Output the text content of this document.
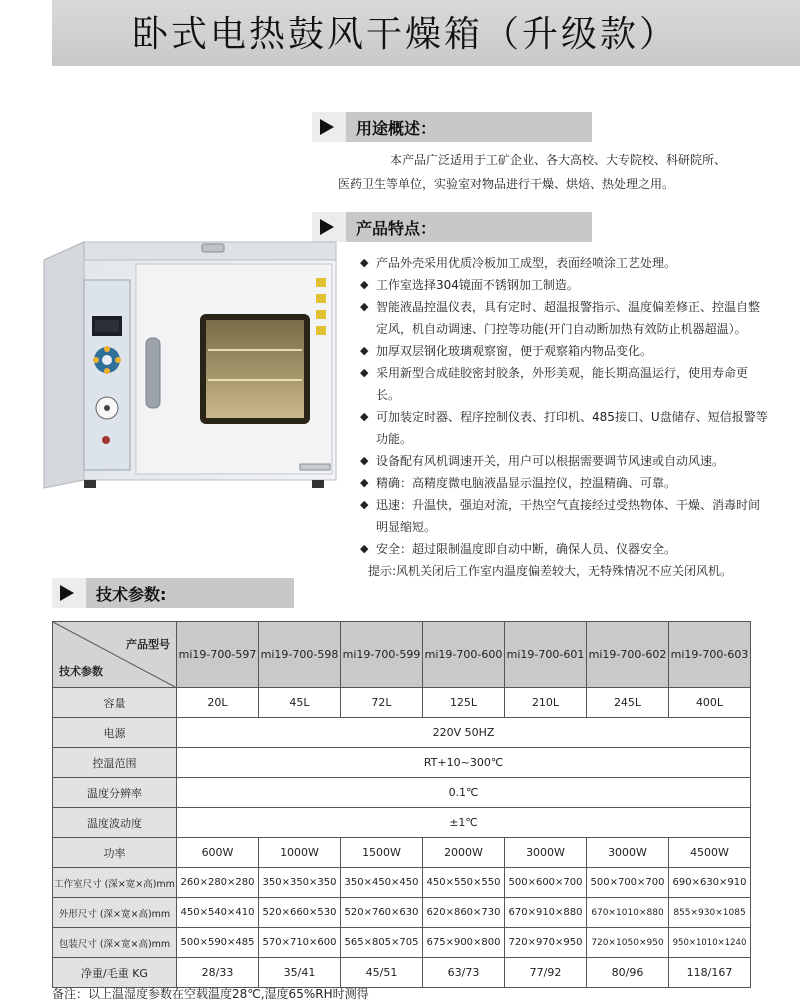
卧式电热鼓风干燥箱（升级款）
用途概述：

本产品广泛适用于工矿企业、各大高校、大专院校、科研院所、

医药卫生等单位，实验室对物品进行干燥、烘焙、热处理之用。

产品特点：
◆ 产品外壳采用优质冷板加工成型，表面经喷涂工艺处理。
◆ 工作室选择304镜面不锈钢加工制造。
◆ 智能液晶控温仪表，具有定时、超温报警指示、温度偏差修正、控温自整定风，机自动调速、门控等功能(开门自动断加热有效防止机器超温）。
◆ 加厚双层钢化玻璃观察窗，便于观察箱内物品变化。
◆ 采用新型合成硅胶密封胶条，外形美观，能长期高温运行，使用寿命更长。
◆ 可加装定时器、程序控制仪表、打印机、485接口、U盘储存、短信报警等功能。
◆ 设备配有风机调速开关，用户可以根据需要调节风速或自动风速。
◆ 精确：高精度微电脑液晶显示温控仪，控温精确、可靠。
◆ 迅速：升温快，强迫对流，干热空气直接经过受热物体、干燥、消毒时间明显缩短。
◆ 安全：超过限制温度即自动中断，确保人员、仪器安全。
提示:风机关闭后工作室内温度偏差较大，无特殊情况不应关闭风机。
技术参数:
产品型号
技术参数	mi19-700-597	mi19-700-598	mi19-700-599	mi19-700-600	mi19-700-601	mi19-700-602	mi19-700-603
容量	20L	45L	72L	125L	210L	245L	400L
电源	220V 50HZ						
控温范围	RT+10~300℃						
温度分辨率	0.1℃						
温度波动度	±1℃						
功率	600W	1000W	1500W	2000W	3000W	3000W	4500W
工作室尺寸 (深×宽×高)mm	260×280×280	350×350×350	350×450×450	450×550×550	500×600×700	500×700×700	690×630×910
外形尺寸 (深×宽×高)mm	450×540×410	520×660×530	520×760×630	620×860×730	670×910×880	670×1010×880	855×930×1085
包装尺寸 (深×宽×高)mm	500×590×485	570×710×600	565×805×705	675×900×800	720×970×950	720×1050×950	950×1010×1240
净重/毛重 KG	28/33	35/41	45/51	63/73	77/92	80/96	118/167
备注：以上温湿度参数在空载温度28℃,湿度65%RH时测得
